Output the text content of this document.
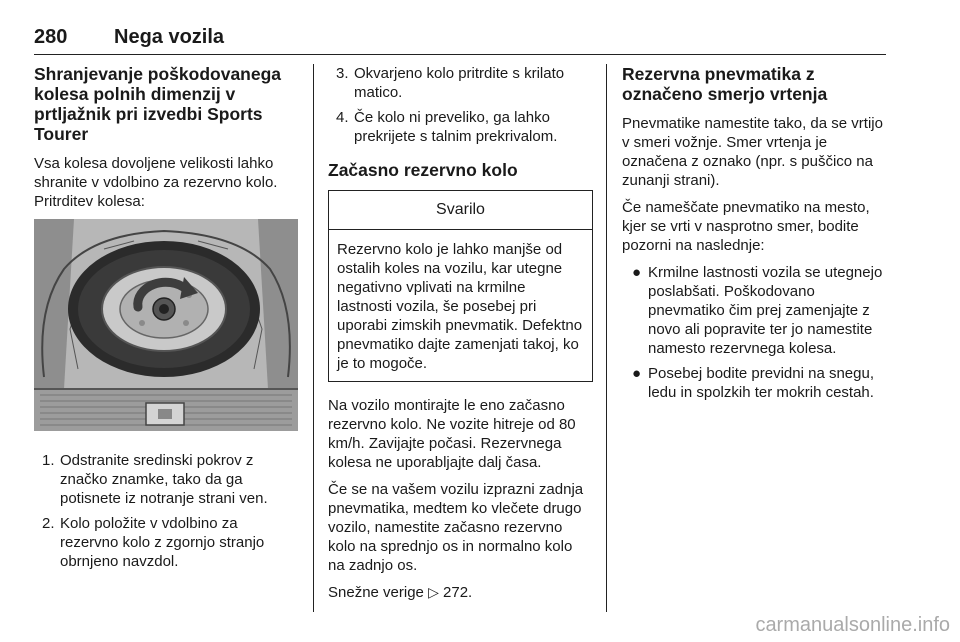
280 Nega vozila
Shranjevanje poškodovanega kolesa polnih dimenzij v prtljažnik pri izvedbi Sports Tourer
Vsa kolesa dovoljene velikosti lahko shranite v vdolbino za rezervno kolo. Pritrditev kolesa:
1. Odstranite sredinski pokrov z značko znamke, tako da ga potisnete iz notranje strani ven.
2. Kolo položite v vdolbino za rezervno kolo z zgornjo stranjo obrnjeno navzdol.
3. Okvarjeno kolo pritrdite s krilato matico.
4. Če kolo ni preveliko, ga lahko prekrijete s talnim prekrivalom.
Začasno rezervno kolo
Svarilo
Rezervno kolo je lahko manjše od ostalih koles na vozilu, kar utegne negativno vplivati na krmilne lastnosti vozila, še posebej pri uporabi zimskih pnevmatik. Defektno pnevmatiko dajte zamenjati takoj, ko je to mogoče.
Na vozilo montirajte le eno začasno rezervno kolo. Ne vozite hitreje od 80 km/h. Zavijajte počasi. Rezervnega kolesa ne uporabljajte dalj časa.
Če se na vašem vozilu izprazni zadnja pnevmatika, medtem ko vlečete drugo vozilo, namestite začasno rezervno kolo na sprednjo os in normalno kolo na zadnjo os.
Snežne verige ▷ 272.
Rezervna pnevmatika z označeno smerjo vrtenja
Pnevmatike namestite tako, da se vrtijo v smeri vožnje. Smer vrtenja je označena z oznako (npr. s puščico na zunanji strani).
Če nameščate pnevmatiko na mesto, kjer se vrti v nasprotno smer, bodite pozorni na naslednje:
● Krmilne lastnosti vozila se utegnejo poslabšati. Poškodovano pnevmatiko čim prej zamenjajte z novo ali popravite ter jo namestite namesto rezervnega kolesa.
● Posebej bodite previdni na snegu, ledu in spolzkih ter mokrih cestah.
carmanualsonline.info
